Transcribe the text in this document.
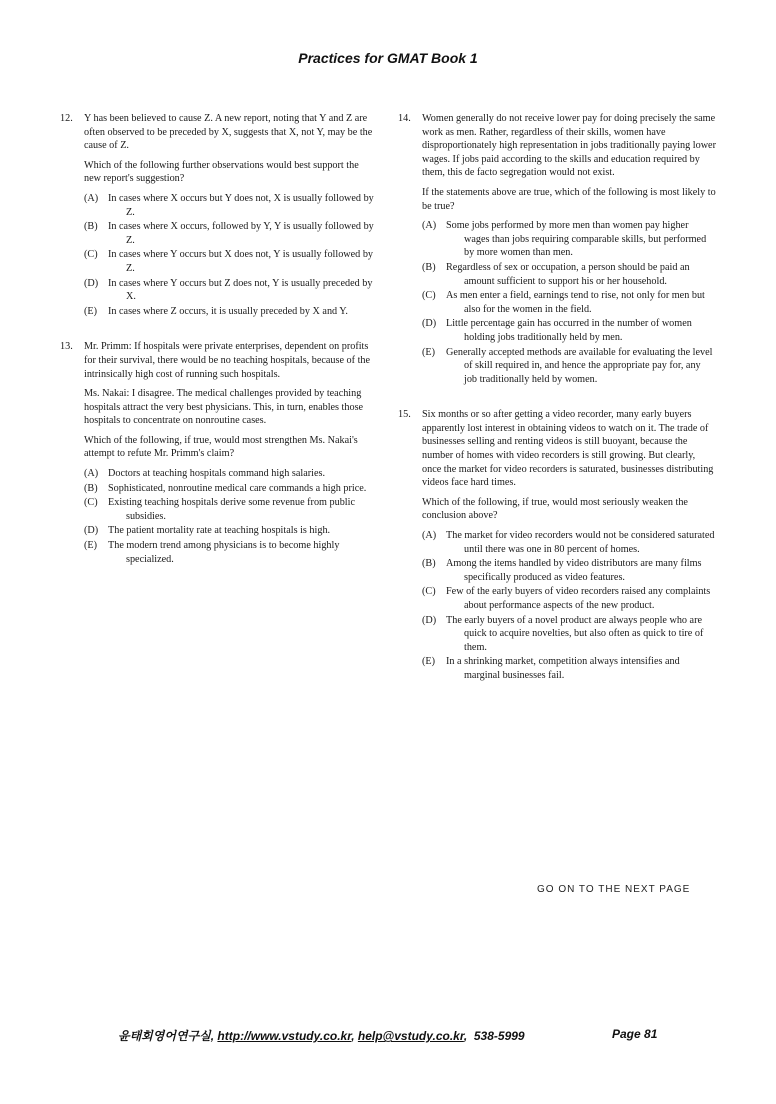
Practices for GMAT Book 1
12.	Y has been believed to cause Z. A new report, noting that Y and Z are often observed to be preceded by X, suggests that X, not Y, may be the cause of Z.

Which of the following further observations would best support the new report's suggestion?

(A) In cases where X occurs but Y does not, X is usually followed by Z.
(B) In cases where X occurs, followed by Y, Y is usually followed by Z.
(C) In cases where Y occurs but X does not, Y is usually followed by Z.
(D) In cases where Y occurs but Z does not, Y is usually preceded by X.
(E) In cases where Z occurs, it is usually preceded by X and Y.
13.	Mr. Primm: If hospitals were private enterprises, dependent on profits for their survival, there would be no teaching hospitals, because of the intrinsically high cost of running such hospitals.

Ms. Nakai: I disagree. The medical challenges provided by teaching hospitals attract the very best physicians. This, in turn, enables those hospitals to concentrate on nonroutine cases.

Which of the following, if true, would most strengthen Ms. Nakai's attempt to refute Mr. Primm's claim?

(A) Doctors at teaching hospitals command high salaries.
(B) Sophisticated, nonroutine medical care commands a high price.
(C) Existing teaching hospitals derive some revenue from public subsidies.
(D) The patient mortality rate at teaching hospitals is high.
(E) The modern trend among physicians is to become highly specialized.
14.	Women generally do not receive lower pay for doing precisely the same work as men. Rather, regardless of their skills, women have disproportionately high representation in jobs traditionally paying lower wages. If jobs paid according to the skills and education required by them, this de facto segregation would not exist.

If the statements above are true, which of the following is most likely to be true?

(A) Some jobs performed by more men than women pay higher wages than jobs requiring comparable skills, but performed by more women than men.
(B) Regardless of sex or occupation, a person should be paid an amount sufficient to support his or her household.
(C) As men enter a field, earnings tend to rise, not only for men but also for the women in the field.
(D) Little percentage gain has occurred in the number of women holding jobs traditionally held by men.
(E) Generally accepted methods are available for evaluating the level of skill required in, and hence the appropriate pay for, any job traditionally held by women.
15.	Six months or so after getting a video recorder, many early buyers apparently lost interest in obtaining videos to watch on it. The trade of businesses selling and renting videos is still buoyant, because the number of homes with video recorders is still growing. But clearly, once the market for video recorders is saturated, businesses distributing videos face hard times.

Which of the following, if true, would most seriously weaken the conclusion above?

(A) The market for video recorders would not be considered saturated until there was one in 80 percent of homes.
(B) Among the items handled by video distributors are many films specifically produced as video features.
(C) Few of the early buyers of video recorders raised any complaints about performance aspects of the new product.
(D) The early buyers of a novel product are always people who are quick to acquire novelties, but also often as quick to tire of them.
(E) In a shrinking market, competition always intensifies and marginal businesses fail.
GO ON TO THE NEXT PAGE
윤태회영어연구실, http://www.vstudy.co.kr, help@vstudy.co.kr,  538-5999	Page 81
